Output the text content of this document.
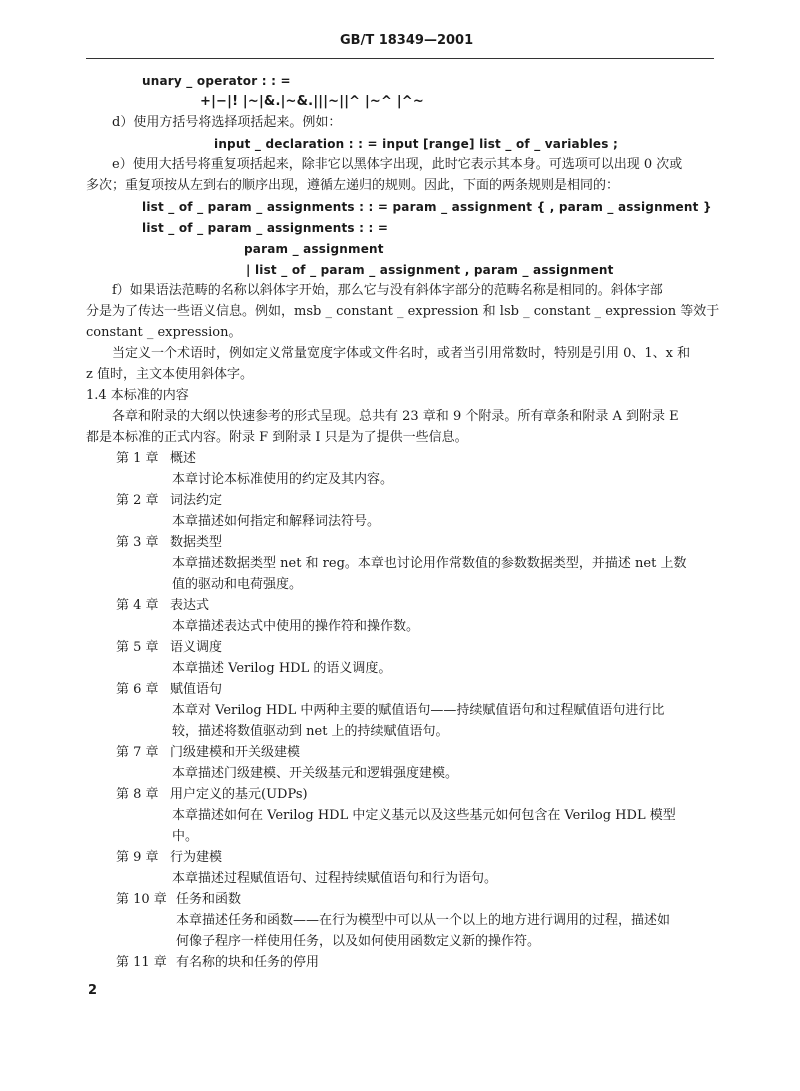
GB/T 18349—2001
unary _ operator : : =
+|−|! |~|&.|~&.|||~||^ |~^ |^~
d）使用方括号将选择项括起来。例如：
input _ declaration : : = input [range] list _ of _ variables ;
e）使用大括号将重复项括起来，除非它以黑体字出现，此时它表示其本身。可选项可以出现 0 次或
多次；重复项按从左到右的顺序出现，遵循左递归的规则。因此，下面的两条规则是相同的：
list _ of _ param _ assignments : : = param _ assignment { , param _ assignment }
list _ of _ param _ assignments : : =
param _ assignment
| list _ of _ param _ assignment , param _ assignment
f）如果语法范畴的名称以斜体字开始，那么它与没有斜体字部分的范畴名称是相同的。斜体字部
分是为了传达一些语义信息。例如，msb _ constant _ expression 和 lsb _ constant _ expression 等效于
constant _ expression。
当定义一个术语时，例如定义常量宽度字体或文件名时，或者当引用常数时，特别是引用 0、1、x 和
z 值时，主文本使用斜体字。
1.4 本标准的内容
各章和附录的大纲以快速参考的形式呈现。总共有 23 章和 9 个附录。所有章条和附录 A 到附录 E
都是本标准的正式内容。附录 F 到附录 I 只是为了提供一些信息。
第 1 章 概述
本章讨论本标准使用的约定及其内容。
第 2 章 词法约定
本章描述如何指定和解释词法符号。
第 3 章 数据类型
本章描述数据类型 net 和 reg。本章也讨论用作常数值的参数数据类型，并描述 net 上数
值的驱动和电荷强度。
第 4 章 表达式
本章描述表达式中使用的操作符和操作数。
第 5 章 语义调度
本章描述 Verilog HDL 的语义调度。
第 6 章 赋值语句
本章对 Verilog HDL 中两种主要的赋值语句——持续赋值语句和过程赋值语句进行比
较，描述将数值驱动到 net 上的持续赋值语句。
第 7 章 门级建模和开关级建模
本章描述门级建模、开关级基元和逻辑强度建模。
第 8 章 用户定义的基元(UDPs)
本章描述如何在 Verilog HDL 中定义基元以及这些基元如何包含在 Verilog HDL 模型
中。
第 9 章 行为建模
本章描述过程赋值语句、过程持续赋值语句和行为语句。
第 10 章 任务和函数
本章描述任务和函数——在行为模型中可以从一个以上的地方进行调用的过程，描述如
何像子程序一样使用任务，以及如何使用函数定义新的操作符。
第 11 章 有名称的块和任务的停用
2
